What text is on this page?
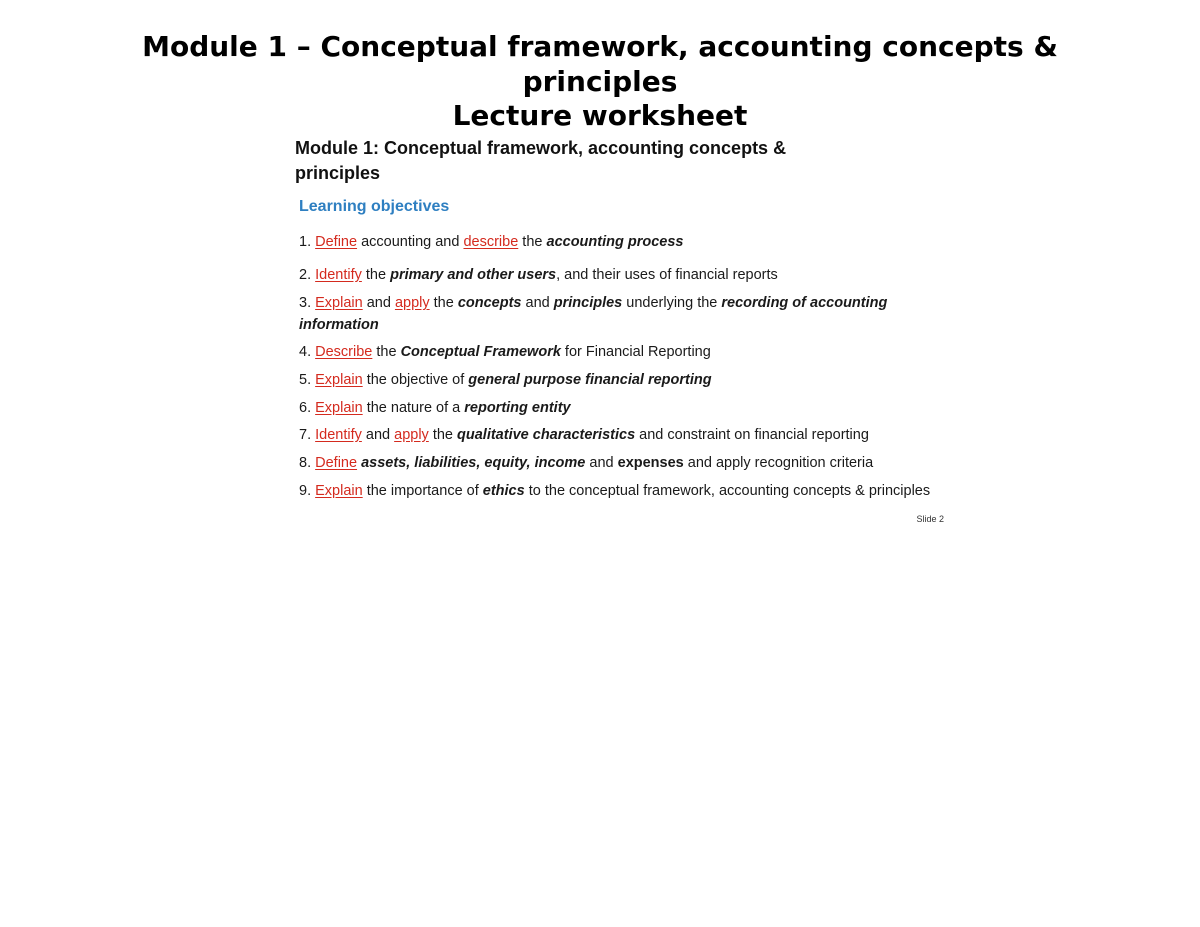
Module 1 – Conceptual framework, accounting concepts &
principles
Lecture worksheet
Module 1: Conceptual framework, accounting concepts &
principles
Learning objectives
1. Define accounting and describe the accounting process
2. Identify the primary and other users, and their uses of financial reports
3. Explain and apply the concepts and principles underlying the recording of accounting information
4. Describe the Conceptual Framework for Financial Reporting
5. Explain the objective of general purpose financial reporting
6. Explain the nature of a reporting entity
7. Identify and apply the qualitative characteristics and constraint on financial reporting
8. Define assets, liabilities, equity, income and expenses and apply recognition criteria
9. Explain the importance of ethics to the conceptual framework, accounting concepts & principles
Slide 2
